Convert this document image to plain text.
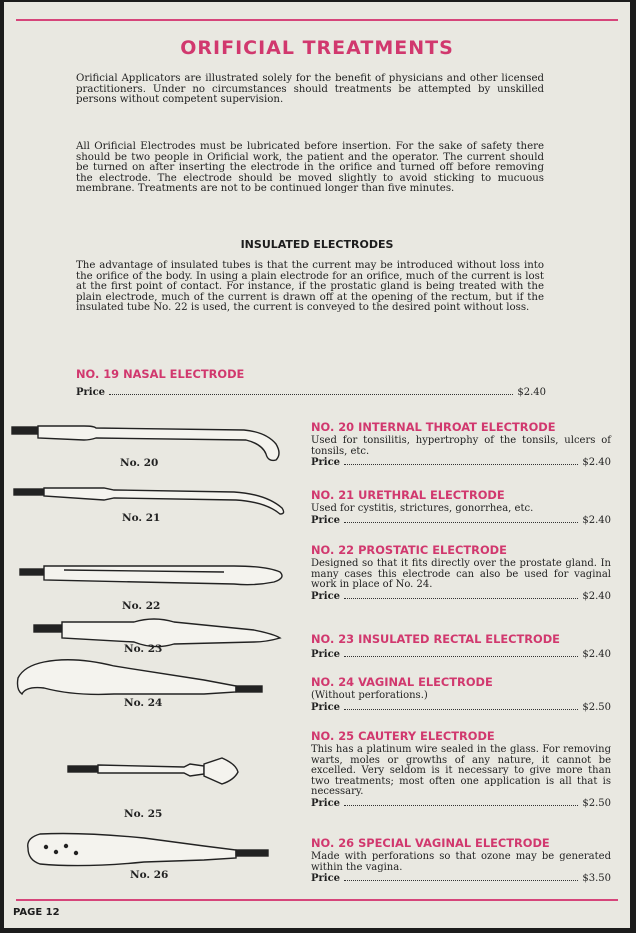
ORIFICIAL TREATMENTS
Orificial Applicators are illustrated solely for the benefit of physicians and other licensed practitioners. Under no circumstances should treatments be attempted by unskilled persons without competent supervision.
All Orificial Electrodes must be lubricated before insertion. For the sake of safety there should be two people in Orificial work, the patient and the operator. The current should be turned on after inserting the electrode in the orifice and turned off before removing the electrode. The electrode should be moved slightly to avoid sticking to mucuous membrane. Treatments are not to be continued longer than five minutes.
INSULATED ELECTRODES
The advantage of insulated tubes is that the current may be introduced without loss into the orifice of the body. In using a plain electrode for an orifice, much of the current is lost at the first point of contact. For instance, if the prostatic gland is being treated with the plain electrode, much of the current is drawn off at the opening of the rectum, but if the insulated tube No. 22 is used, the current is conveyed to the desired point without loss.
NO. 19 NASAL ELECTRODE
Price	$2.40
NO. 20 INTERNAL THROAT ELECTRODE
Used for tonsilitis, hypertrophy of the tonsils, ulcers of tonsils, etc.
Price	$2.40
NO. 21 URETHRAL ELECTRODE
Used for cystitis, strictures, gonorrhea, etc.
Price	$2.40
NO. 22 PROSTATIC ELECTRODE
Designed so that it fits directly over the prostate gland. In many cases this electrode can also be used for vaginal work in place of No. 24.
Price	$2.40
NO. 23 INSULATED RECTAL ELECTRODE
Price	$2.40
NO. 24 VAGINAL ELECTRODE
(Without perforations.)
Price	$2.50
NO. 25 CAUTERY ELECTRODE
This has a platinum wire sealed in the glass. For removing warts, moles or growths of any nature, it cannot be excelled. Very seldom is it necessary to give more than two treatments; most often one application is all that is necessary.
Price	$2.50
NO. 26 SPECIAL VAGINAL ELECTRODE
Made with perforations so that ozone may be generated within the vagina.
Price	$3.50
No. 20
No. 21
No. 22
No. 23
No. 24
No. 25
No. 26
PAGE 12
